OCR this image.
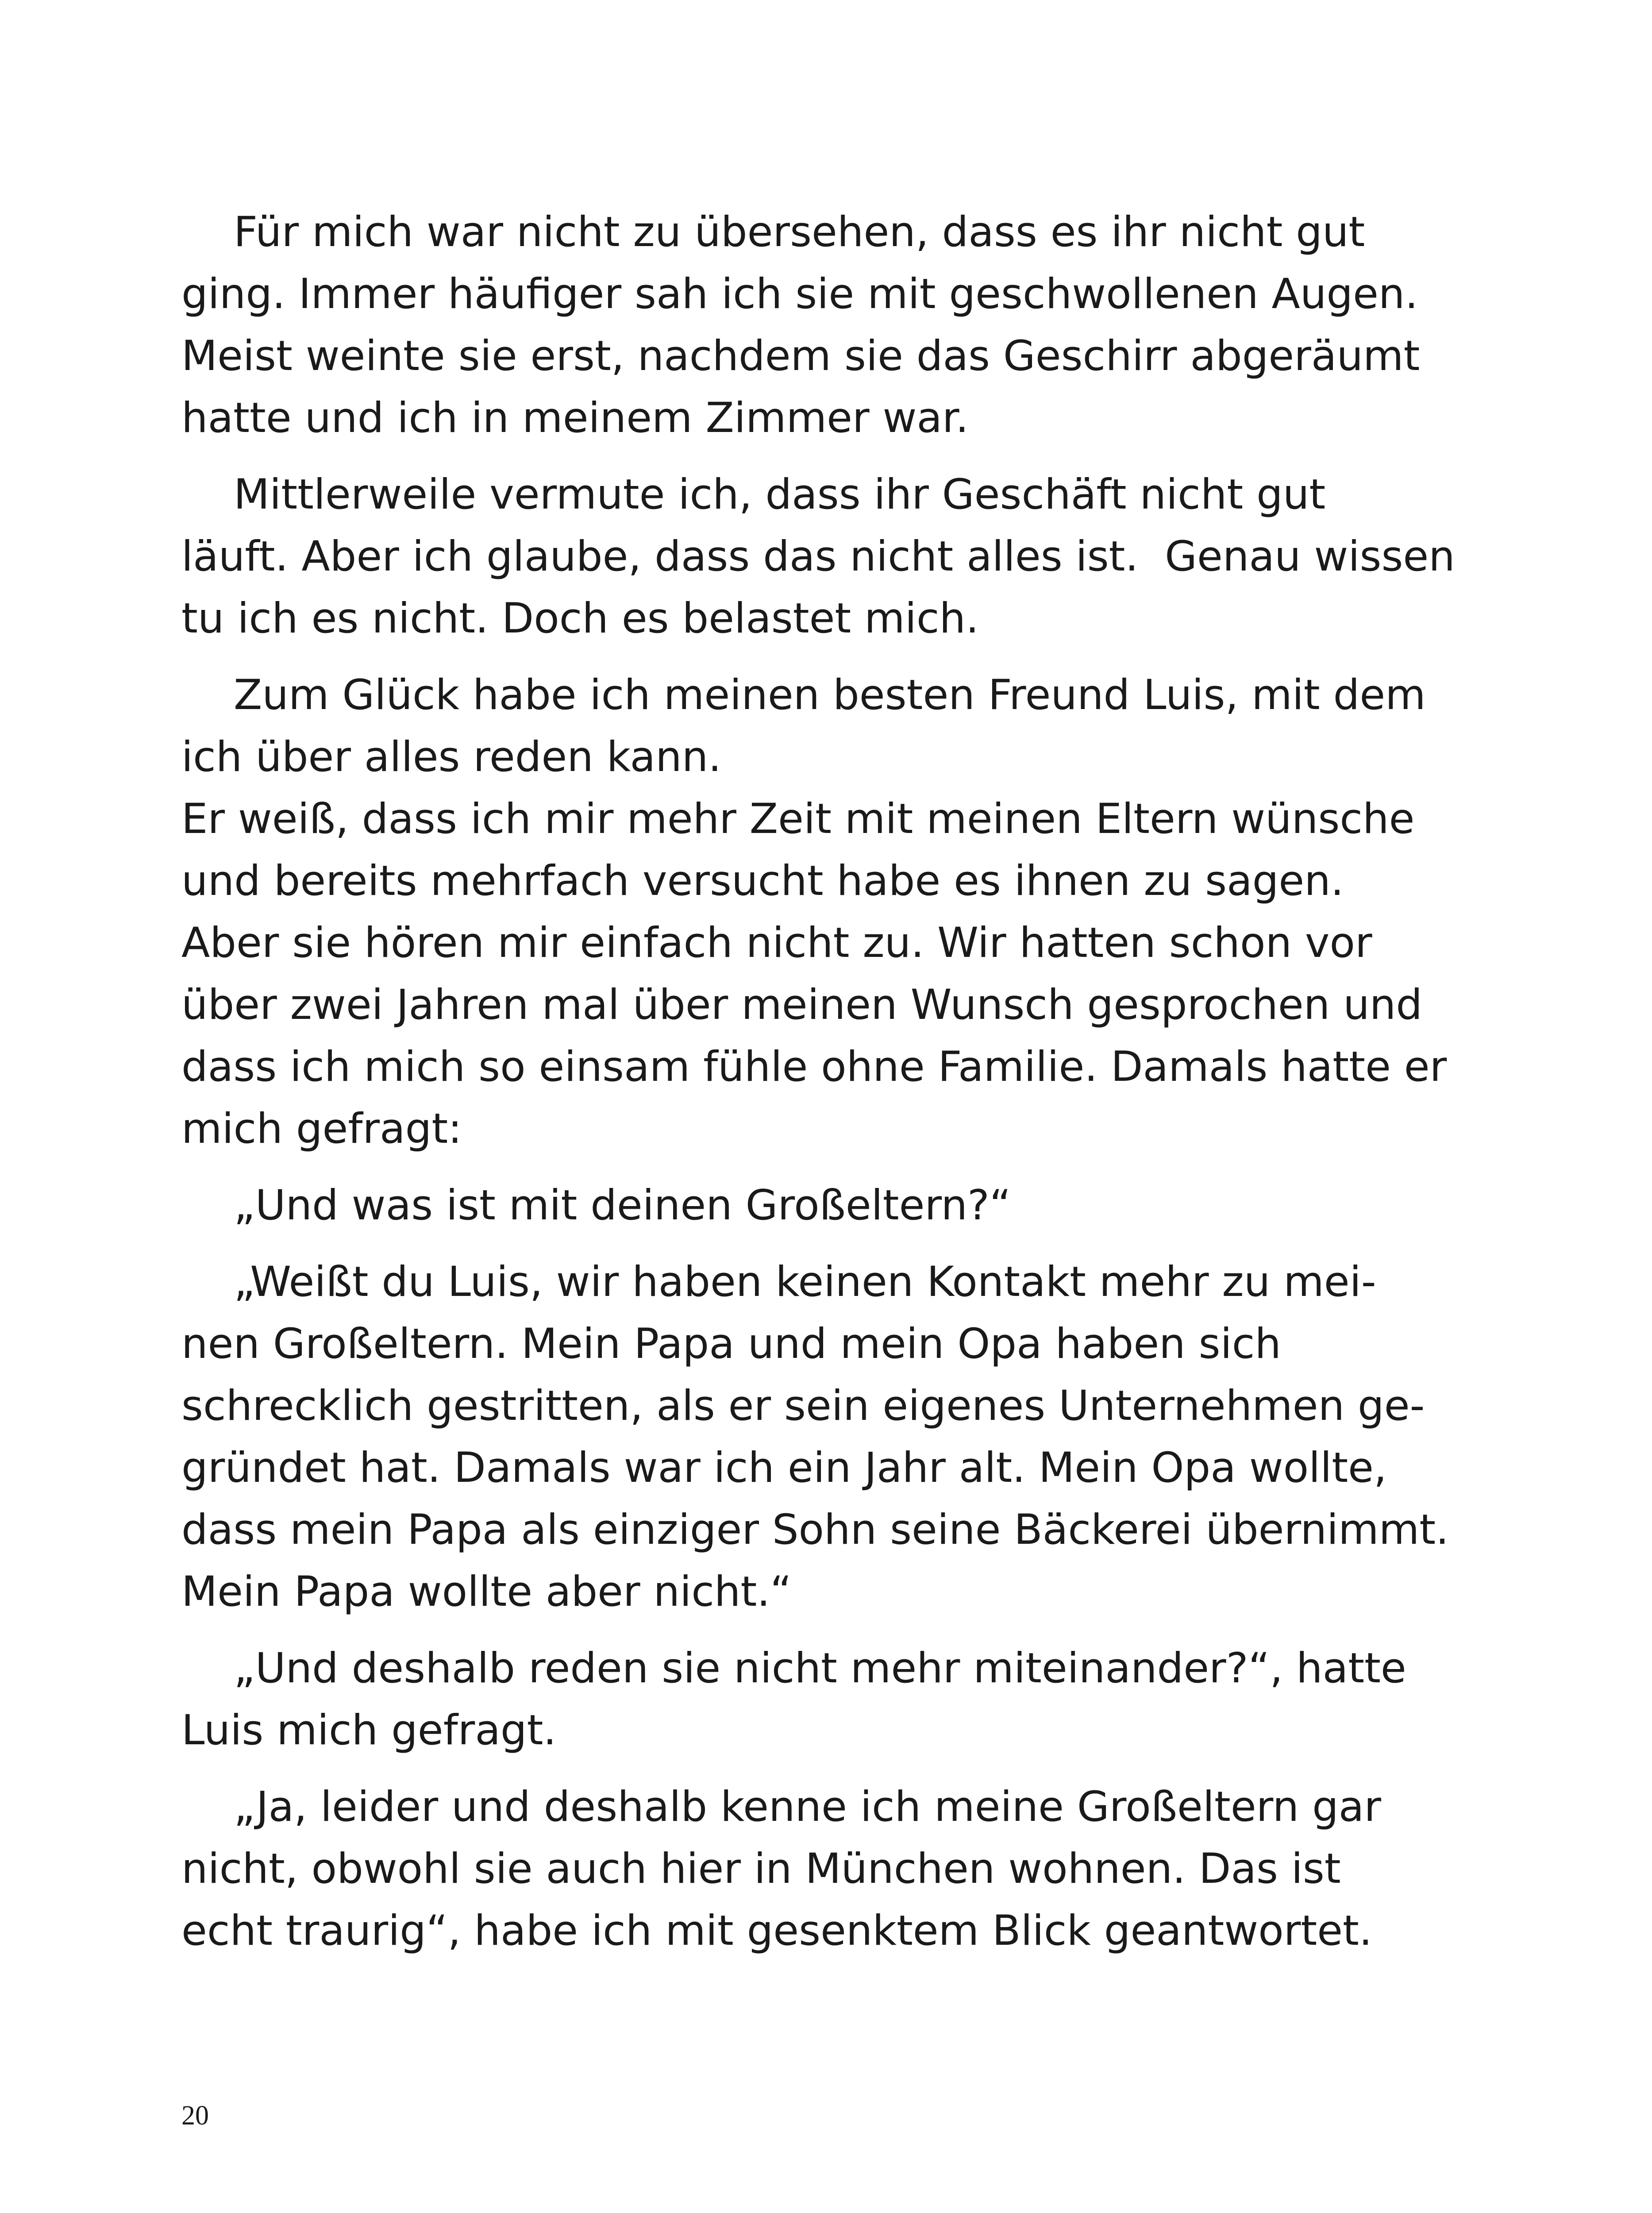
Für mich war nicht zu übersehen, dass es ihr nicht gut
ging. Immer häufiger sah ich sie mit geschwollenen Augen.
Meist weinte sie erst, nachdem sie das Geschirr abgeräumt
hatte und ich in meinem Zimmer war.
Mittlerweile vermute ich, dass ihr Geschäft nicht gut
läuft. Aber ich glaube, dass das nicht alles ist.  Genau wissen
tu ich es nicht. Doch es belastet mich.
Zum Glück habe ich meinen besten Freund Luis, mit dem
ich über alles reden kann.
Er weiß, dass ich mir mehr Zeit mit meinen Eltern wünsche
und bereits mehrfach versucht habe es ihnen zu sagen.
Aber sie hören mir einfach nicht zu. Wir hatten schon vor
über zwei Jahren mal über meinen Wunsch gesprochen und
dass ich mich so einsam fühle ohne Familie. Damals hatte er
mich gefragt:
„Und was ist mit deinen Großeltern?“
„Weißt du Luis, wir haben keinen Kontakt mehr zu mei-
nen Großeltern. Mein Papa und mein Opa haben sich
schrecklich gestritten, als er sein eigenes Unternehmen ge-
gründet hat. Damals war ich ein Jahr alt. Mein Opa wollte,
dass mein Papa als einziger Sohn seine Bäckerei übernimmt.
Mein Papa wollte aber nicht.“
„Und deshalb reden sie nicht mehr miteinander?“, hatte
Luis mich gefragt.
„Ja, leider und deshalb kenne ich meine Großeltern gar
nicht, obwohl sie auch hier in München wohnen. Das ist
echt traurig“, habe ich mit gesenktem Blick geantwortet.
20
